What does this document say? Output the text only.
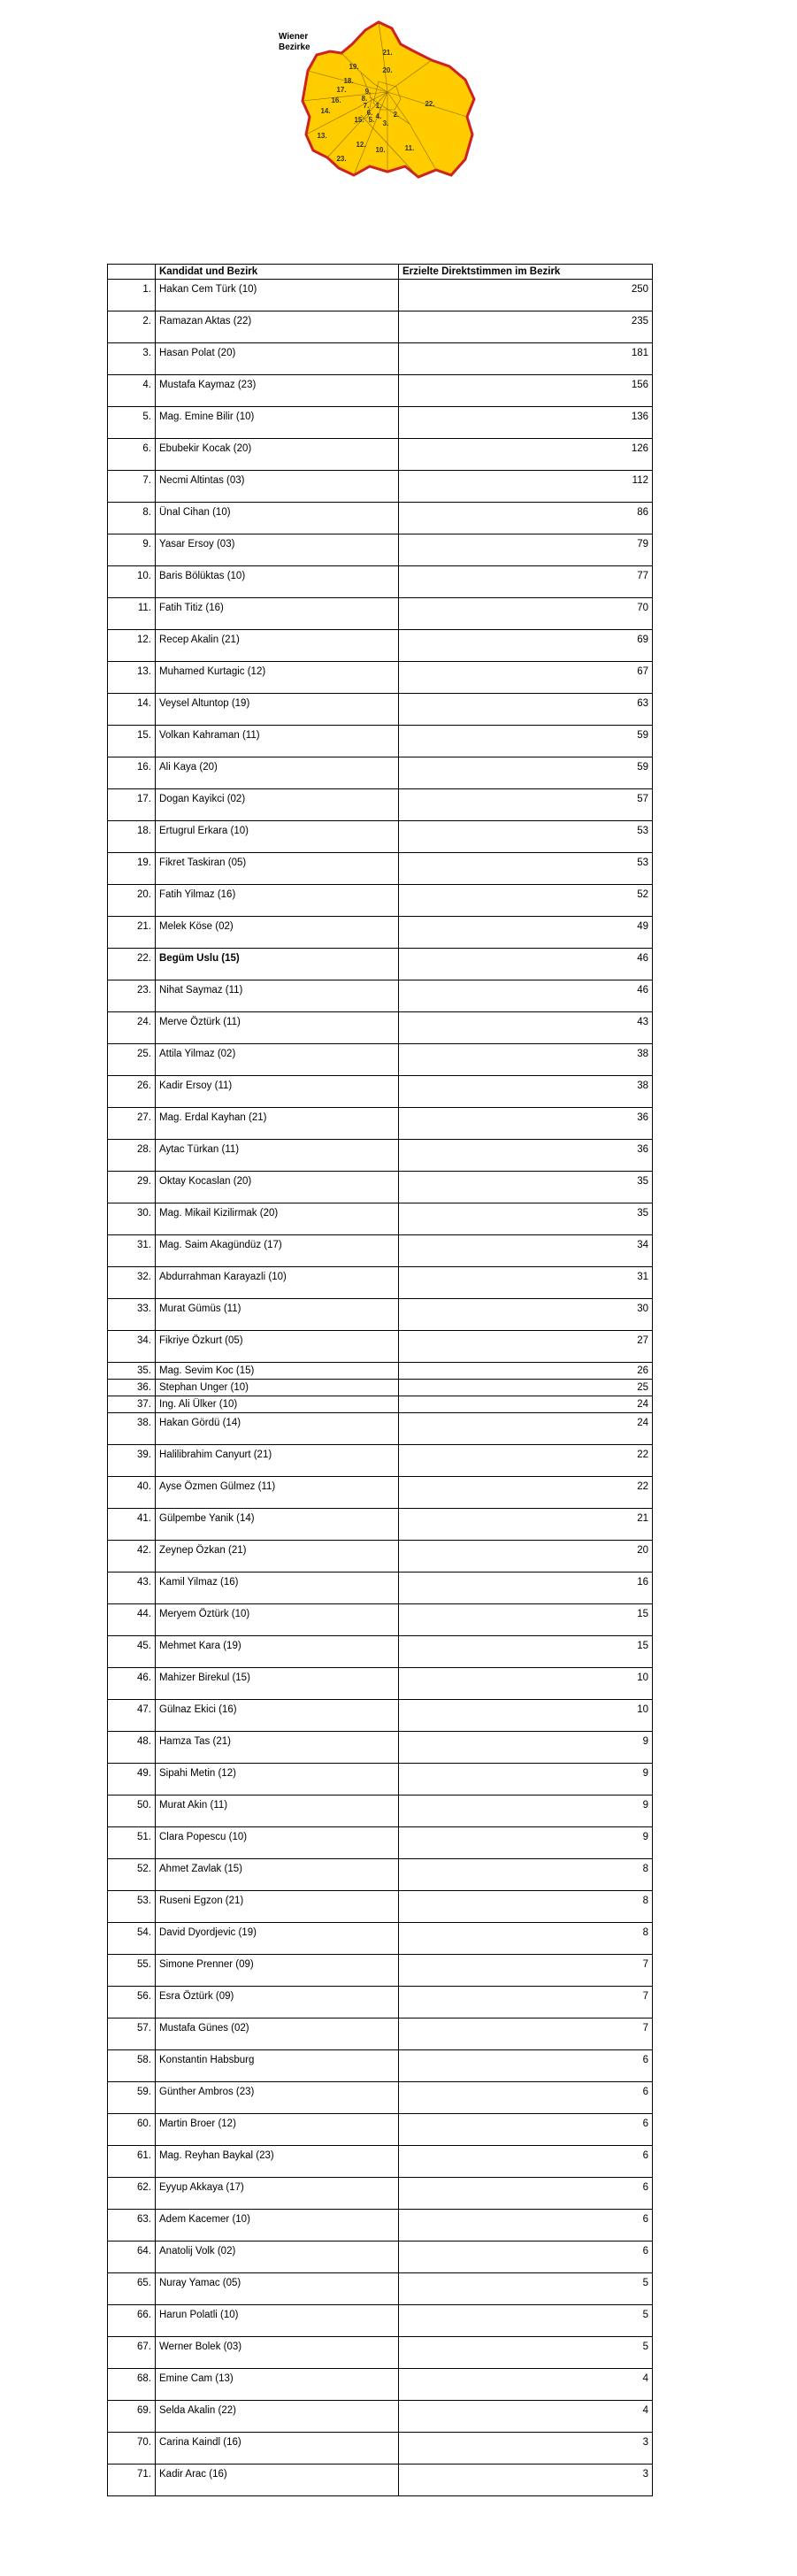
21.
22.
19.	20.
18.
17.
16.
14.
13.
23.
12.
10.	11.
2.
3.
9.
8.
7.
6.
5. 4.
1.
15.
Wiener
Bezirke
	Kandidat und Bezirk	Erzielte Direktstimmen im Bezirk
1.	Hakan Cem Türk (10)	250
2.	Ramazan Aktas (22)	235
3.	Hasan Polat (20)	181
4.	Mustafa Kaymaz (23)	156
5.	Mag. Emine Bilir (10)	136
6.	Ebubekir Kocak (20)	126
7.	Necmi Altintas (03)	112
8.	Ünal Cihan (10)	86
9.	Yasar Ersoy (03)	79
10.	Baris Bölüktas (10)	77
11.	Fatih Titiz (16)	70
12.	Recep Akalin (21)	69
13.	Muhamed Kurtagic (12)	67
14.	Veysel Altuntop (19)	63
15.	Volkan Kahraman (11)	59
16.	Ali Kaya (20)	59
17.	Dogan Kayikci (02)	57
18.	Ertugrul Erkara (10)	53
19.	Fikret Taskiran (05)	53
20.	Fatih Yilmaz (16)	52
21.	Melek Köse (02)	49
22.	Begüm Uslu (15)	46
23.	Nihat Saymaz (11)	46
24.	Merve Öztürk (11)	43
25.	Attila Yilmaz (02)	38
26.	Kadir Ersoy (11)	38
27.	Mag. Erdal Kayhan (21)	36
28.	Aytac Türkan (11)	36
29.	Oktay Kocaslan (20)	35
30.	Mag. Mikail Kizilirmak (20)	35
31.	Mag. Saim Akagündüz (17)	34
32.	Abdurrahman Karayazli (10)	31
33.	Murat Gümüs (11)	30
34.	Fikriye Özkurt (05)	27
35.	Mag. Sevim Koc (15)	26
36.	Stephan Unger (10)	25
37.	Ing. Ali Ülker (10)	24
38.	Hakan Gördü (14)	24
39.	Halilibrahim Canyurt (21)	22
40.	Ayse Özmen Gülmez (11)	22
41.	Gülpembe Yanik (14)	21
42.	Zeynep Özkan (21)	20
43.	Kamil Yilmaz (16)	16
44.	Meryem Öztürk (10)	15
45.	Mehmet Kara (19)	15
46.	Mahizer Birekul (15)	10
47.	Gülnaz Ekici (16)	10
48.	Hamza Tas (21)	9
49.	Sipahi Metin (12)	9
50.	Murat Akin (11)	9
51.	Clara Popescu (10)	9
52.	Ahmet Zavlak (15)	8
53.	Ruseni Egzon (21)	8
54.	David Dyordjevic (19)	8
55.	Simone Prenner (09)	7
56.	Esra Öztürk (09)	7
57.	Mustafa Günes (02)	7
58.	Konstantin Habsburg	6
59.	Günther Ambros (23)	6
60.	Martin Broer (12)	6
61.	Mag. Reyhan Baykal (23)	6
62.	Eyyup Akkaya (17)	6
63.	Adem Kacemer (10)	6
64.	Anatolij Volk (02)	6
65.	Nuray Yamac (05)	5
66.	Harun Polatli (10)	5
67.	Werner Bolek (03)	5
68.	Emine Cam (13)	4
69.	Selda Akalin (22)	4
70.	Carina Kaindl (16)	3
71.	Kadir Arac (16)	3
